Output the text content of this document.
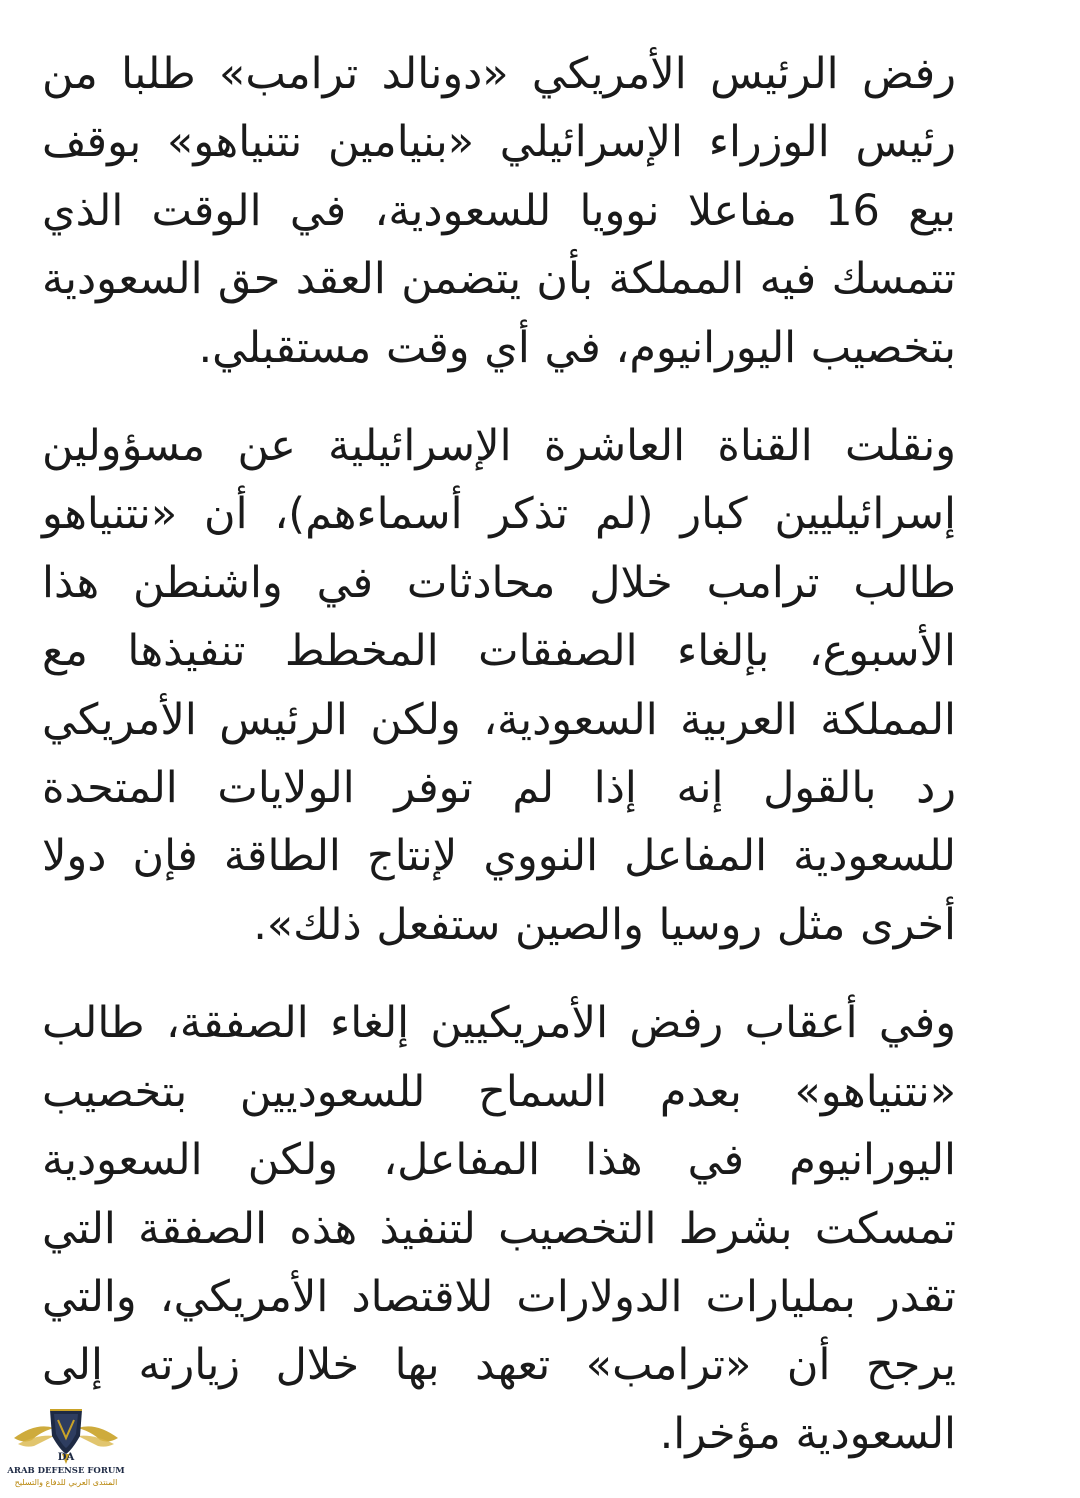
رفض الرئيس الأمريكي «دونالد ترامب» طلبا من رئيس الوزراء الإسرائيلي «بنيامين نتنياهو» بوقف بيع 16 مفاعلا نوويا للسعودية، في الوقت الذي تتمسك فيه المملكة بأن يتضمن العقد حق السعودية بتخصيب اليورانيوم، في أي وقت مستقبلي.

ونقلت القناة العاشرة الإسرائيلية عن مسؤولين إسرائيليين كبار (لم تذكر أسماءهم)، أن «نتنياهو طالب ترامب خلال محادثات في واشنطن هذا الأسبوع، بإلغاء الصفقات المخطط تنفيذها مع المملكة العربية السعودية، ولكن الرئيس الأمريكي رد بالقول إنه إذا لم توفر الولايات المتحدة للسعودية المفاعل النووي لإنتاج الطاقة فإن دولا أخرى مثل روسيا والصين ستفعل ذلك».

وفي أعقاب رفض الأمريكيين إلغاء الصفقة، طالب «نتنياهو» بعدم السماح للسعوديين بتخصيب اليورانيوم في هذا المفاعل، ولكن السعودية تمسكت بشرط التخصيب لتنفيذ هذه الصفقة التي تقدر بمليارات الدولارات للاقتصاد الأمريكي، والتي يرجح أن «ترامب» تعهد بها خلال زيارته إلى السعودية مؤخرا.

DA
ARAB DEFENSE FORUM
المنتدى العربي للدفاع والتسليح
